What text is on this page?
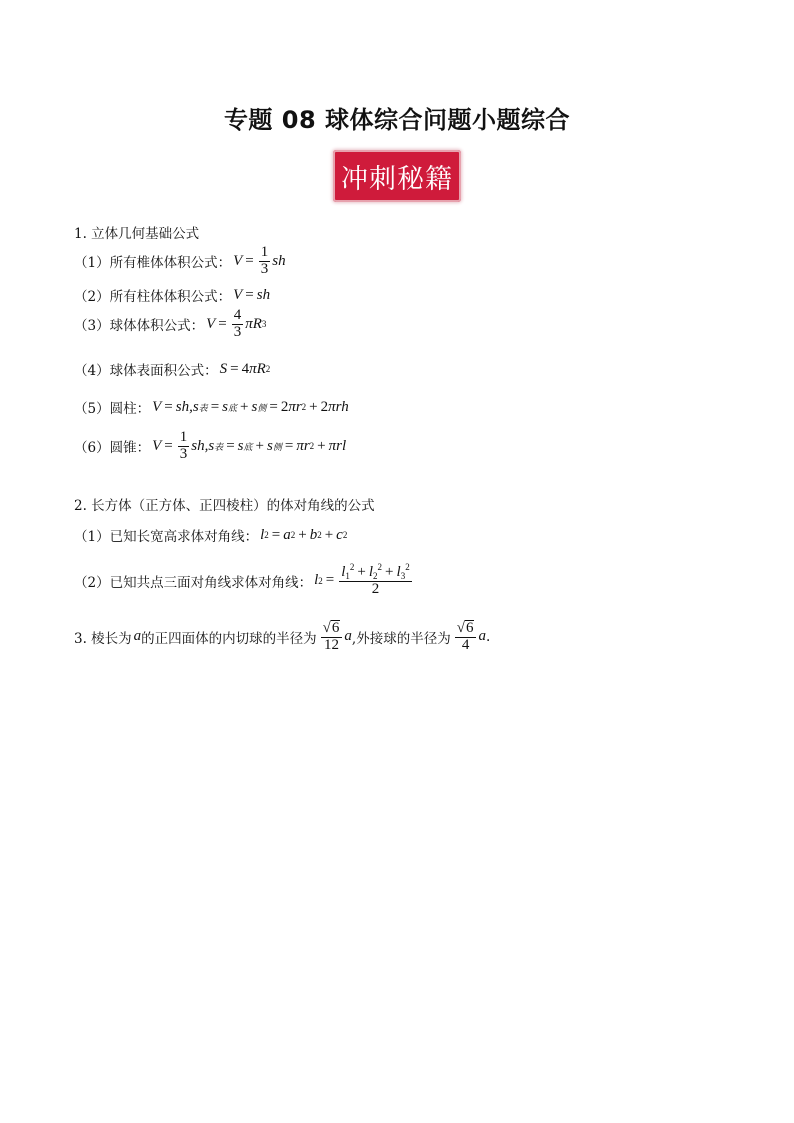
专题 08 球体综合问题小题综合
冲刺秘籍
1. 立体几何基础公式
（1）所有椎体体积公式： $V = \frac{1}{3}$ sh
（2）所有柱体体积公式： V = sh
（3）球体体积公式： $V = \frac{4}{3}$ πR 3
（4）球体表面积公式： S = 4 πR 2
（5）圆柱： V = sh,s 表 = s 底 + s 侧 = 2 πr 2 + 2 πrh
（6）圆锥： $V = \frac{1}{3} sh,s$ 表 = s 底 + s 侧 = πr 2 + πrl
2. 长方体（正方体、正四棱柱）的体对角线的公式
（1）已知长宽高求体对角线： l 2 = a 2 + b 2 + c 2
（2）已知共点三面对角线求体对角线： l $2 = \frac{l_1^2 + l_2^2 + l_3^2}{2}$
3. 棱长为 a 的正四面体的内切球的半径为 $\frac{√ 6}{12}$ a ,外接球的半径为 $\frac{√ 6}{4}$ a .
